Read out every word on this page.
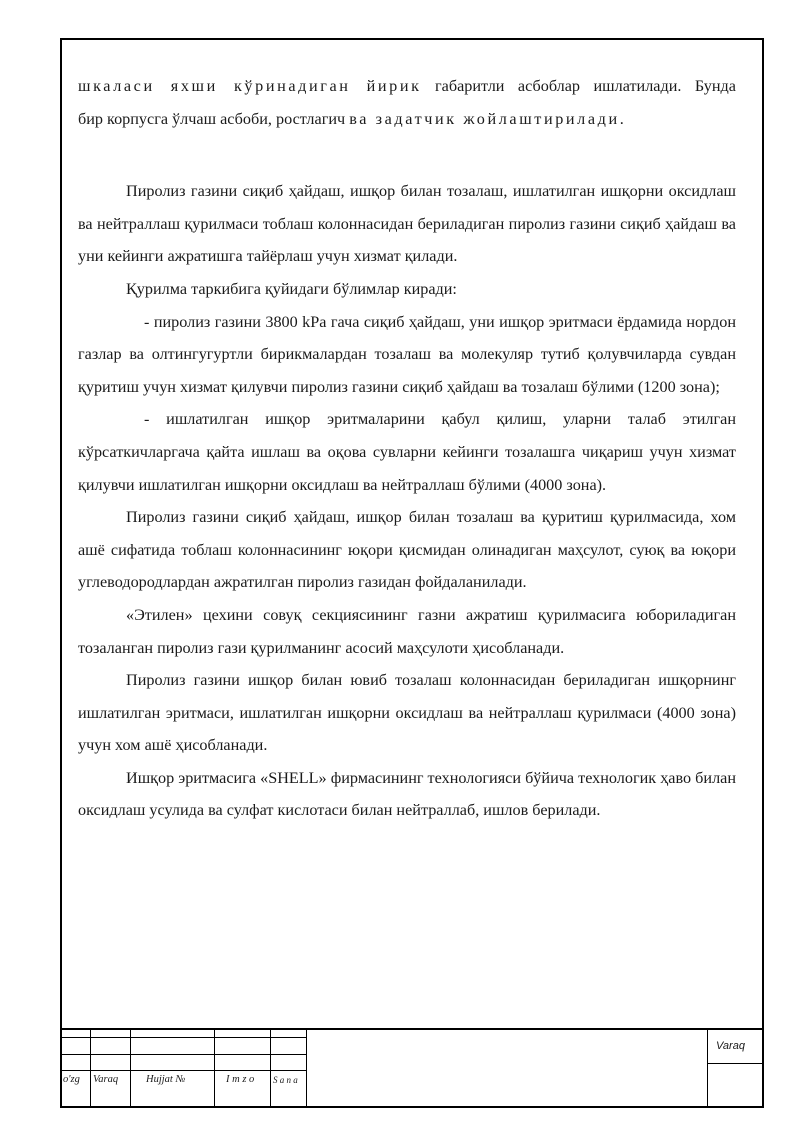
шкаласи яхши кўринадиган йирик габаритли асбоблар ишлатилади. Бунда

бир корпусга ўлчаш асбоби, ростлагич ва задатчик жойлаштирилади.

Пиролиз газини сиқиб ҳайдаш, ишқор билан тозалаш, ишлатилган ишқорни оксидлаш ва нейтраллаш қурилмаси тоблаш колоннасидан бериладиган пиролиз газини сиқиб ҳайдаш ва уни кейинги ажратишга тайёрлаш учун хизмат қилади.

Қурилма таркибига қуйидаги бўлимлар киради:

- пиролиз газини 3800 kPa гача сиқиб ҳайдаш, уни ишқор эритмаси ёрдамида нордон газлар ва олтингугуртли бирикмалардан тозалаш ва молекуляр тутиб қолувчиларда сувдан қуритиш учун хизмат қилувчи пиролиз газини сиқиб ҳайдаш ва тозалаш бўлими (1200 зона);

- ишлатилган ишқор эритмаларини қабул қилиш, уларни талаб этилган кўрсаткичларгача қайта ишлаш ва оқова сувларни кейинги тозалашга чиқариш учун хизмат қилувчи ишлатилган ишқорни оксидлаш ва нейтраллаш бўлими (4000 зона).

Пиролиз газини сиқиб ҳайдаш, ишқор билан тозалаш ва қуритиш қурилмасида, хом ашё сифатида тоблаш колоннасининг юқори қисмидан олинадиган маҳсулот, суюқ ва юқори углеводородлардан ажратилган пиролиз газидан фойдаланилади.

«Этилен» цехини совуқ секциясининг газни ажратиш қурилмасига юбориладиган тозаланган пиролиз гази қурилманинг асосий маҳсулоти ҳисобланади.

Пиролиз газини ишқор билан ювиб тозалаш колоннасидан бериладиган ишқорнинг ишлатилган эритмаси, ишлатилган ишқорни оксидлаш ва нейтраллаш қурилмаси (4000 зона) учун хом ашё ҳисобланади.

Ишқор эритмасига «SHELL» фирмасининг технологияси бўйича технологик ҳаво билан оксидлаш усулида ва сулфат кислотаси билан нейтраллаб, ишлов берилади.

o'zg Varaq	Hujjat №	I m z o S a n a
Varaq
